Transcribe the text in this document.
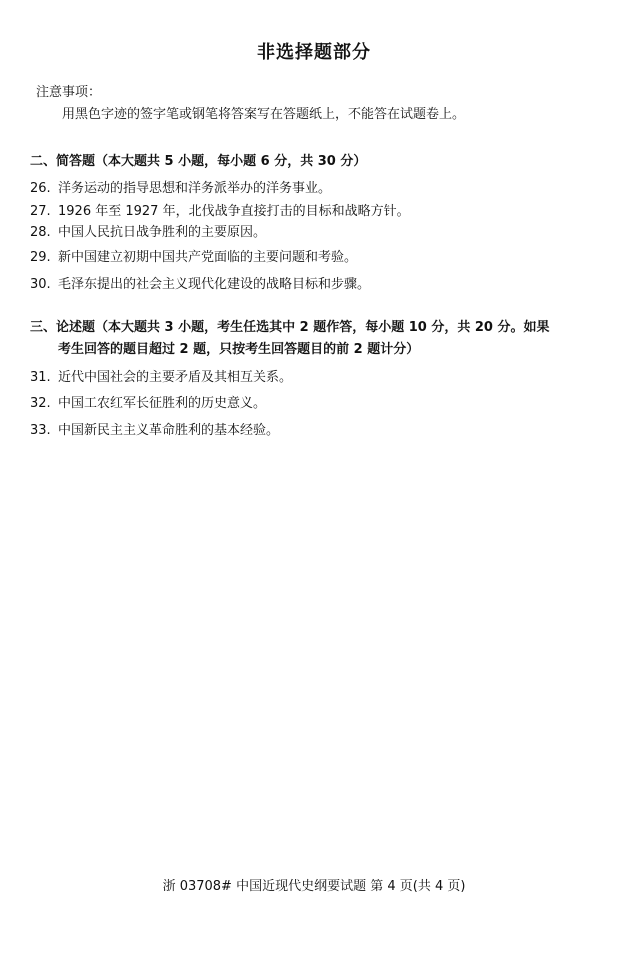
非选择题部分
注意事项：
用黑色字迹的签字笔或钢笔将答案写在答题纸上，不能答在试题卷上。
二、简答题（本大题共 5 小题，每小题 6 分，共 30 分）
26. 洋务运动的指导思想和洋务派举办的洋务事业。
27. 1926 年至 1927 年，北伐战争直接打击的目标和战略方针。
28. 中国人民抗日战争胜利的主要原因。
29. 新中国建立初期中国共产党面临的主要问题和考验。
30. 毛泽东提出的社会主义现代化建设的战略目标和步骤。
三、论述题（本大题共 3 小题，考生任选其中 2 题作答，每小题 10 分，共 20 分。如果
考生回答的题目超过 2 题，只按考生回答题目的前 2 题计分）
31. 近代中国社会的主要矛盾及其相互关系。
32. 中国工农红军长征胜利的历史意义。
33. 中国新民主主义革命胜利的基本经验。
浙 03708# 中国近现代史纲要试题 第 4 页(共 4 页)
